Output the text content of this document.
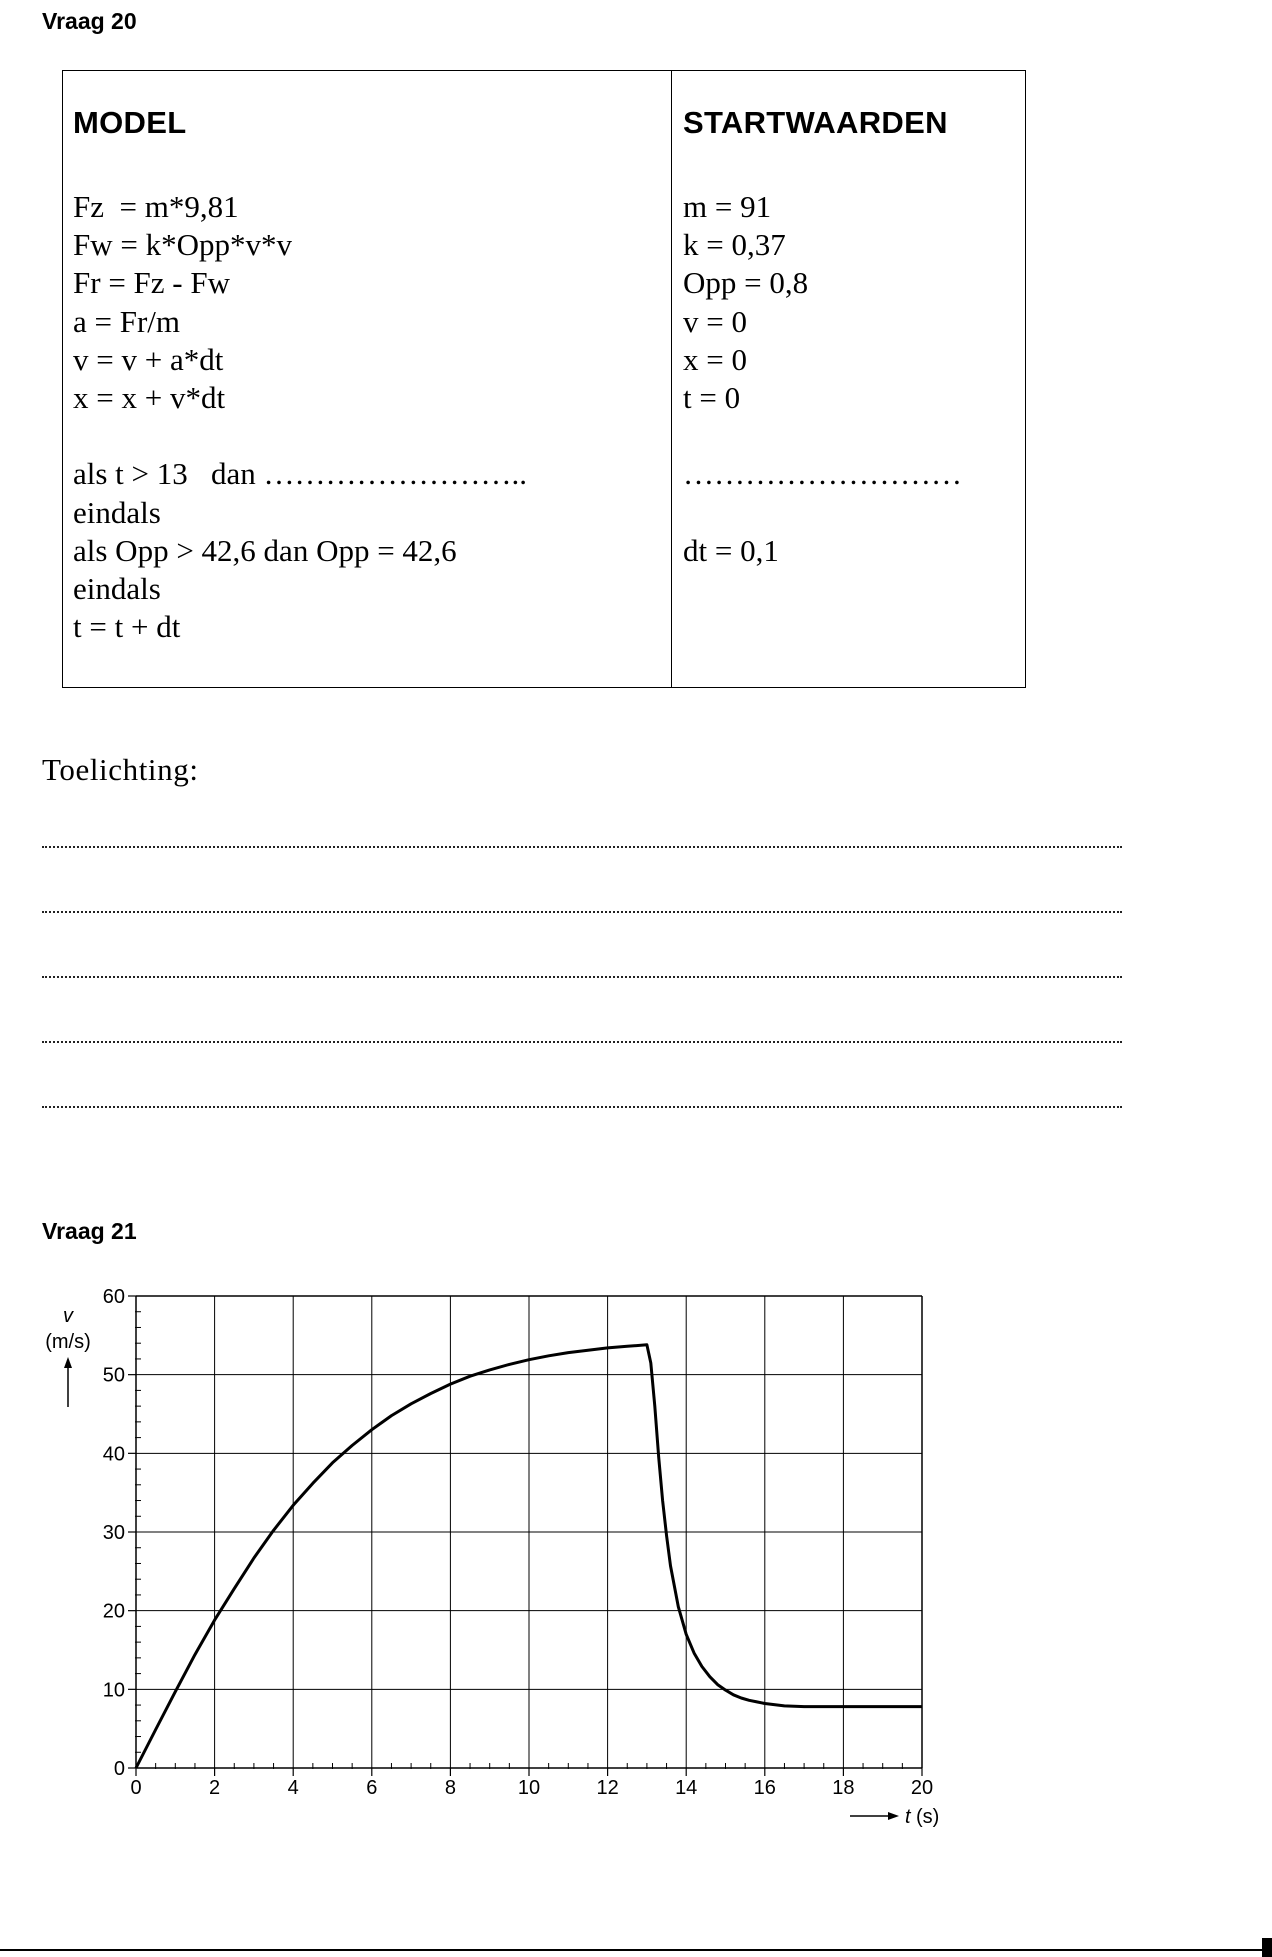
Vraag 20

MODEL
Fz  = m*9,81
Fw = k*Opp*v*v
Fr = Fz - Fw
a = Fr/m
v = v + a*dt
x = x + v*dt
als t > 13   dan ……………………..
eindals
als Opp > 42,6 dan Opp = 42,6
eindals
t = t + dt
STARTWAARDEN
m = 91
k = 0,37
Opp = 0,8
v = 0
x = 0
t = 0
………………………
dt = 0,1

Toelichting:

Vraag 21

0	2	4	6	8	10	12	14	16	18	20
0
10
20
30
40
50
60
v
(m/s)
t (s)
